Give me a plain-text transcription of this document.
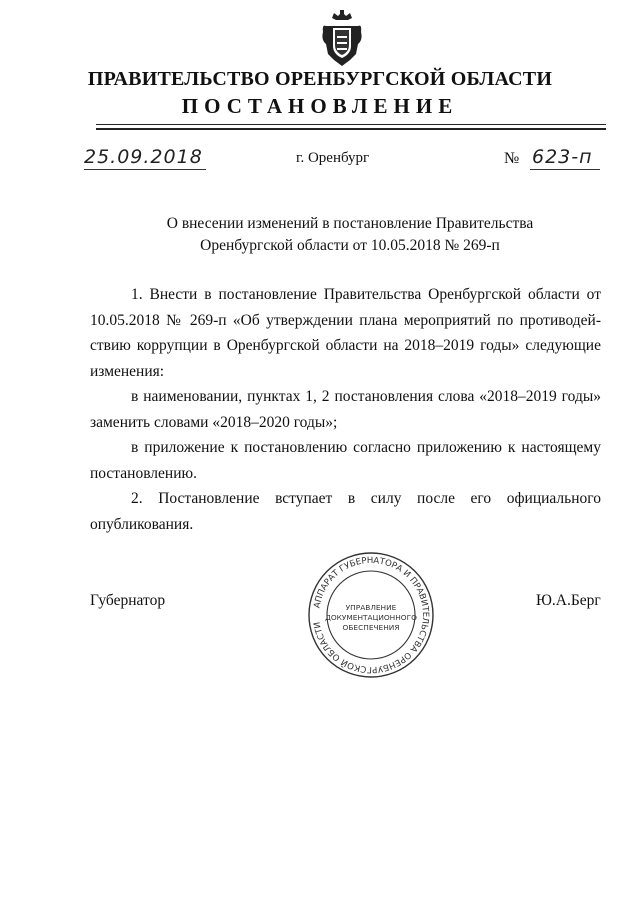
ПРАВИТЕЛЬСТВО ОРЕНБУРГСКОЙ ОБЛАСТИ
ПОСТАНОВЛЕНИЕ
25.09.2018	г. Оренбург	№ 623-п
О внесении изменений в постановление Правительства
Оренбургской области от 10.05.2018 № 269-п

1. Внести в постановление Правительства Оренбургской области от 10.05.2018 № 269-п «Об утверждении плана мероприятий по противодействию коррупции в Оренбургской области на 2018–2019 годы» следующие изменения:

в наименовании, пунктах 1, 2 постановления слова «2018–2019 годы» заменить словами «2018–2020 годы»;

в приложение к постановлению согласно приложению к настоящему постановлению.

2. Постановление вступает в силу после его официального опубликования.

Губернатор	АППАРАТ ГУБЕРНАТОРА И ПРАВИТЕЛЬСТВА ОРЕНБУРГСКОЙ ОБЛАСТИ
УПРАВЛЕНИЕ
ДОКУМЕНТАЦИОННОГО
ОБЕСПЕЧЕНИЯ
Ю.А.Берг
